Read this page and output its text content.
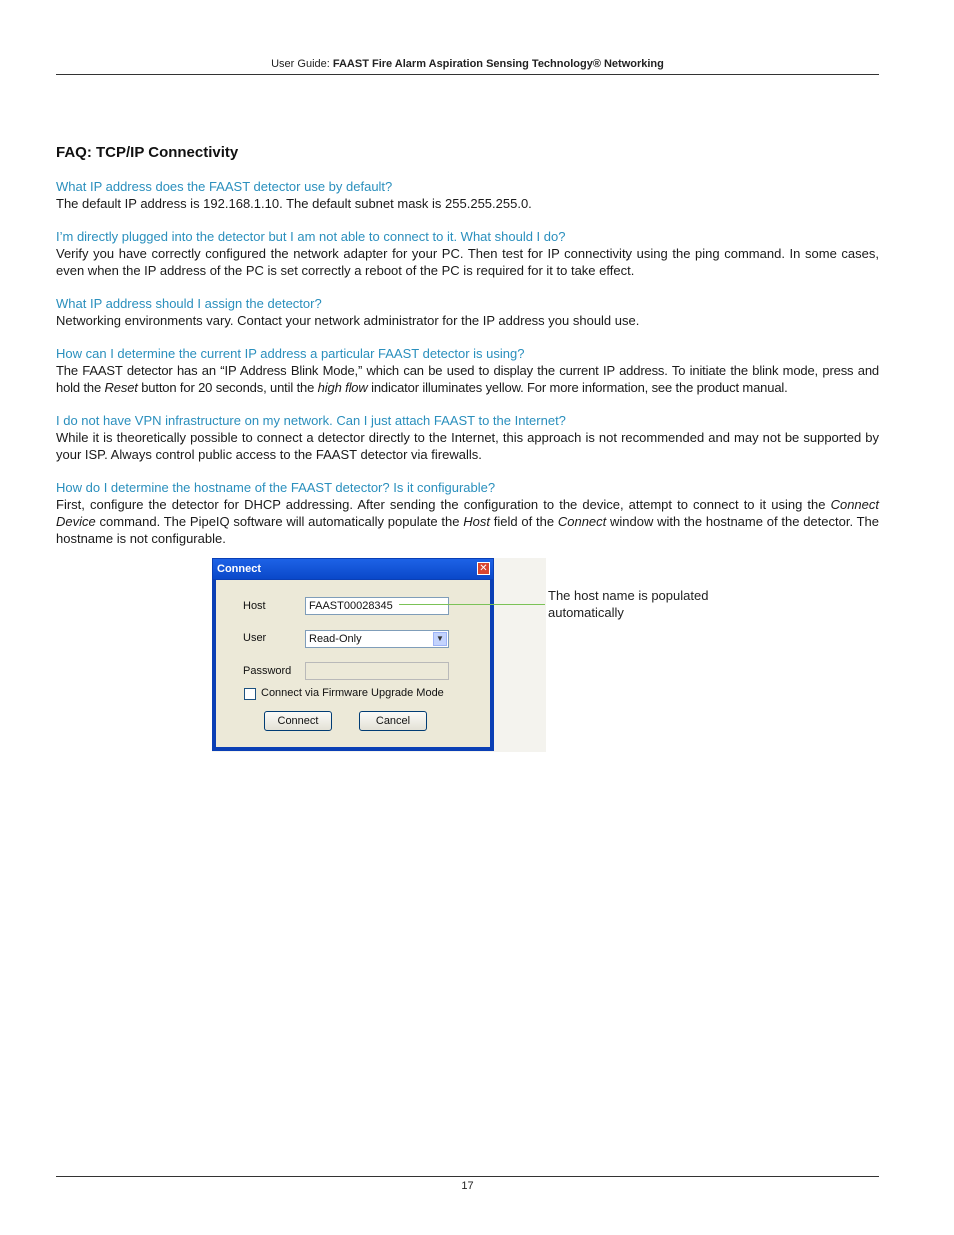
User Guide: FAAST Fire Alarm Aspiration Sensing Technology® Networking
FAQ: TCP/IP Connectivity
What IP address does the FAAST detector use by default?
The default IP address is 192.168.1.10. The default subnet mask is 255.255.255.0.
I’m directly plugged into the detector but I am not able to connect to it. What should I do?
Verify you have correctly configured the network adapter for your PC. Then test for IP connectivity using the ping command. In some cases, even when the IP address of the PC is set correctly a reboot of the PC is required for it to take effect.
What IP address should I assign the detector?
Networking environments vary. Contact your network administrator for the IP address you should use.
How can I determine the current IP address a particular FAAST detector is using?
The FAAST detector has an “IP Address Blink Mode,” which can be used to display the current IP address. To initiate the blink mode, press and hold the Reset button for 20 seconds, until the high flow indicator illuminates yellow. For more information, see the product manual.
I do not have VPN infrastructure on my network. Can I just attach FAAST to the Internet?
While it is theoretically possible to connect a detector directly to the Internet, this approach is not recommended and may not be supported by your ISP. Always control public access to the FAAST detector via firewalls.
How do I determine the hostname of the FAAST detector? Is it configurable?
First, configure the detector for DHCP addressing. After sending the configuration to the device, attempt to connect to it using the Connect Device command. The PipeIQ software will automatically populate the Host field of the Connect window with the hostname of the detector. The hostname is not configurable.
Connect	✕
Host	FAAST00028345
User	Read-Only	▼
Password
Connect via Firmware Upgrade Mode
Connect	Cancel
The host name is populated automatically
17
